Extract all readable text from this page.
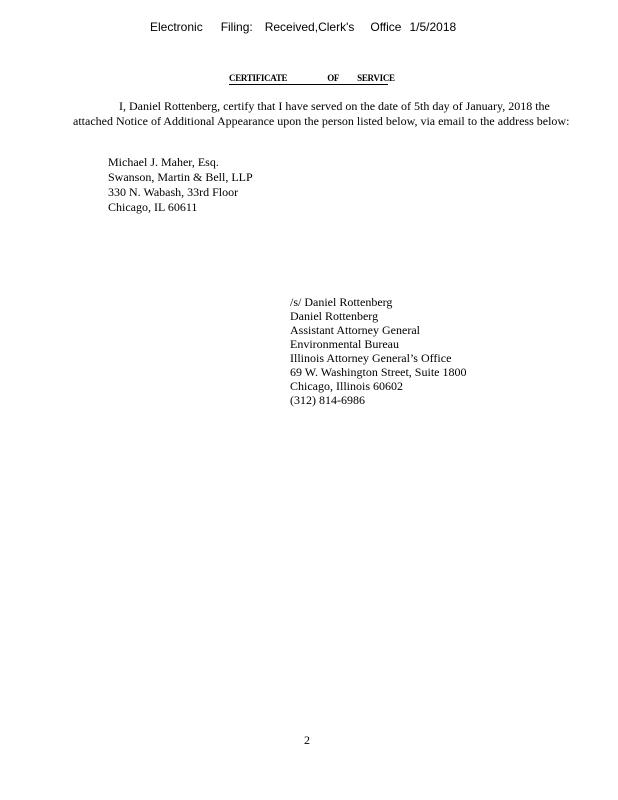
Electronic Filing: Received,Clerk's Office 1/5/2018
CERTIFICATE	OF SERVICE
I, Daniel Rottenberg, certify that I have served on the date of 5th day of January, 2018 the attached Notice of Additional Appearance upon the person listed below, via email to the address below:
Michael J. Maher, Esq.
Swanson, Martin & Bell, LLP
330 N. Wabash, 33rd Floor
Chicago, IL 60611
/s/ Daniel Rottenberg
Daniel Rottenberg
Assistant Attorney General
Environmental Bureau
Illinois Attorney General’s Office
69 W. Washington Street, Suite 1800
Chicago, Illinois 60602
(312) 814-6986
2
